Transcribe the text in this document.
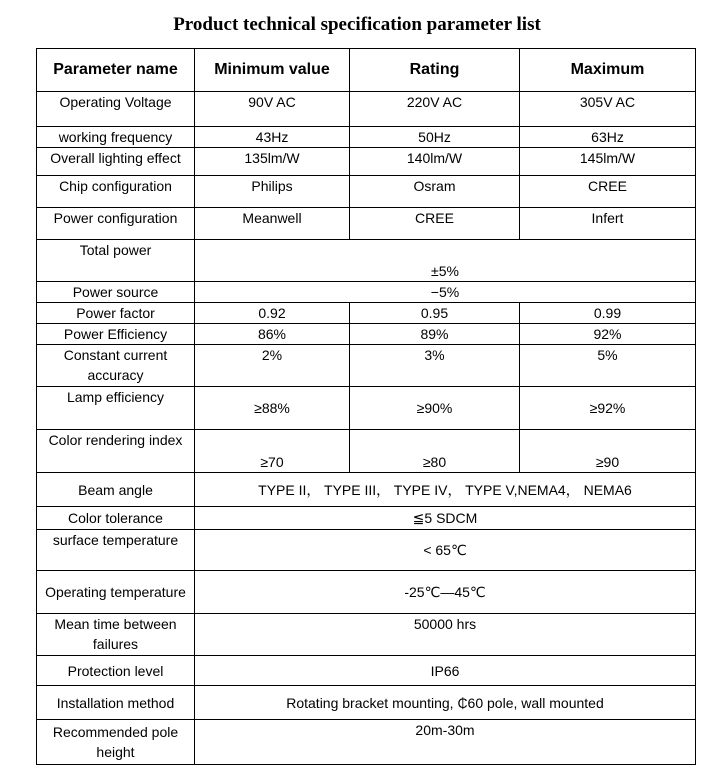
Product technical specification parameter list
Parameter name	Minimum value	Rating	Maximum
Operating Voltage	90V AC	220V AC	305V AC
working frequency	43Hz	50Hz	63Hz
Overall lighting effect	135lm/W	140lm/W	145lm/W
Chip configuration	Philips	Osram	CREE
Power configuration	Meanwell	CREE	Infert
Total power	±5%		
Power source	−5%		
Power factor	0.92	0.95	0.99
Power Efficiency	86%	89%	92%
Constant current accuracy	2%	3%	5%
Lamp efficiency	≥88%	≥90%	≥92%
Color rendering index	≥70	≥80	≥90
Beam angle	TYPE II， TYPE III， TYPE IV， TYPE V,NEMA4， NEMA6		
Color tolerance	≦5 SDCM		
surface temperature	< 65℃		
Operating temperature	-25℃—45℃		
Mean time between failures	50000 hrs		
Protection level	IP66		
Installation method	Rotating bracket mounting, ₵60 pole, wall mounted		
Recommended pole height	20m-30m		
